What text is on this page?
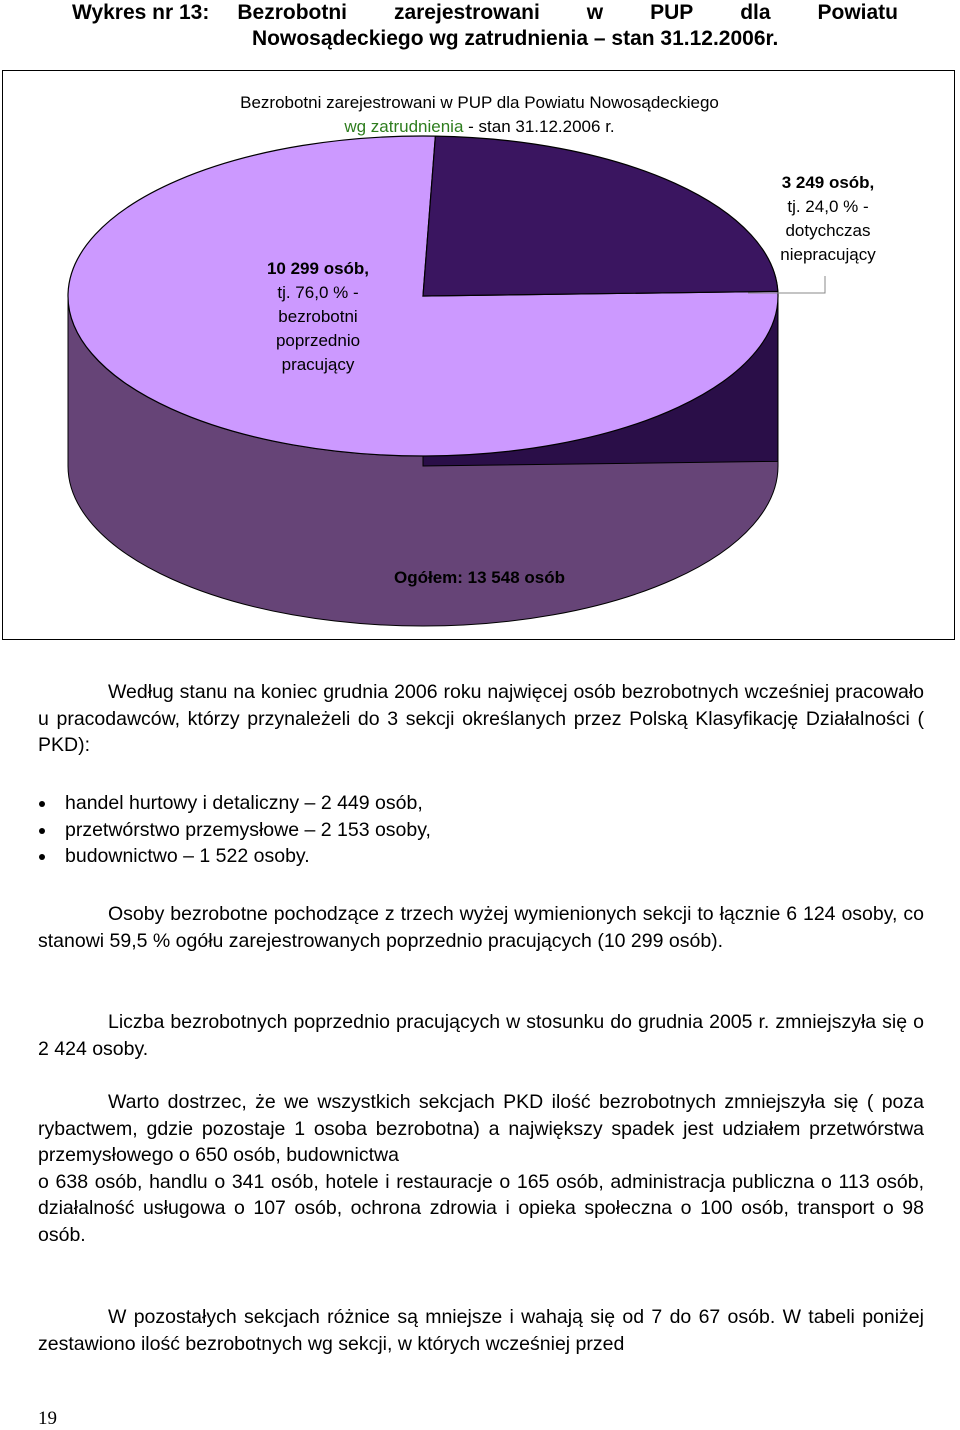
Wykres nr 13: Bezrobotni zarejestrowani w PUP dla Powiatu
Nowosądeckiego wg zatrudnienia – stan 31.12.2006r.
Bezrobotni zarejestrowani w PUP dla Powiatu Nowosądeckiego
wg zatrudnienia - stan 31.12.2006 r.
10 299 osób,
tj. 76,0 % -
bezrobotni
poprzednio
pracujący
3 249 osób,
tj. 24,0 % -
dotychczas
niepracujący
Ogółem: 13 548 osób

Według stanu na koniec grudnia 2006 roku najwięcej osób bezrobotnych wcześniej pracowało u pracodawców, którzy przynależeli do 3 sekcji określanych przez Polską Klasyfikację Działalności ( PKD):

handel hurtowy i detaliczny – 2 449 osób,
przetwórstwo przemysłowe – 2 153 osoby,
budownictwo – 1 522 osoby.

Osoby bezrobotne pochodzące z trzech wyżej wymienionych sekcji to łącznie 6 124 osoby, co stanowi 59,5 % ogółu zarejestrowanych poprzednio pracujących (10 299 osób).

Liczba bezrobotnych poprzednio pracujących w stosunku do grudnia 2005 r. zmniejszyła się o 2 424 osoby.

Warto dostrzec, że we wszystkich sekcjach PKD ilość bezrobotnych zmniejszyła się ( poza rybactwem, gdzie pozostaje 1 osoba bezrobotna) a największy spadek jest udziałem przetwórstwa przemysłowego o 650 osób, budownictwa

o 638 osób, handlu o 341 osób, hotele i restauracje o 165 osób, administracja publiczna o 113 osób, działalność usługowa o 107 osób, ochrona zdrowia i opieka społeczna o 100 osób, transport o 98 osób.

W pozostałych sekcjach różnice są mniejsze i wahają się od 7 do 67 osób. W tabeli poniżej zestawiono ilość bezrobotnych wg sekcji, w których wcześniej przed

19
